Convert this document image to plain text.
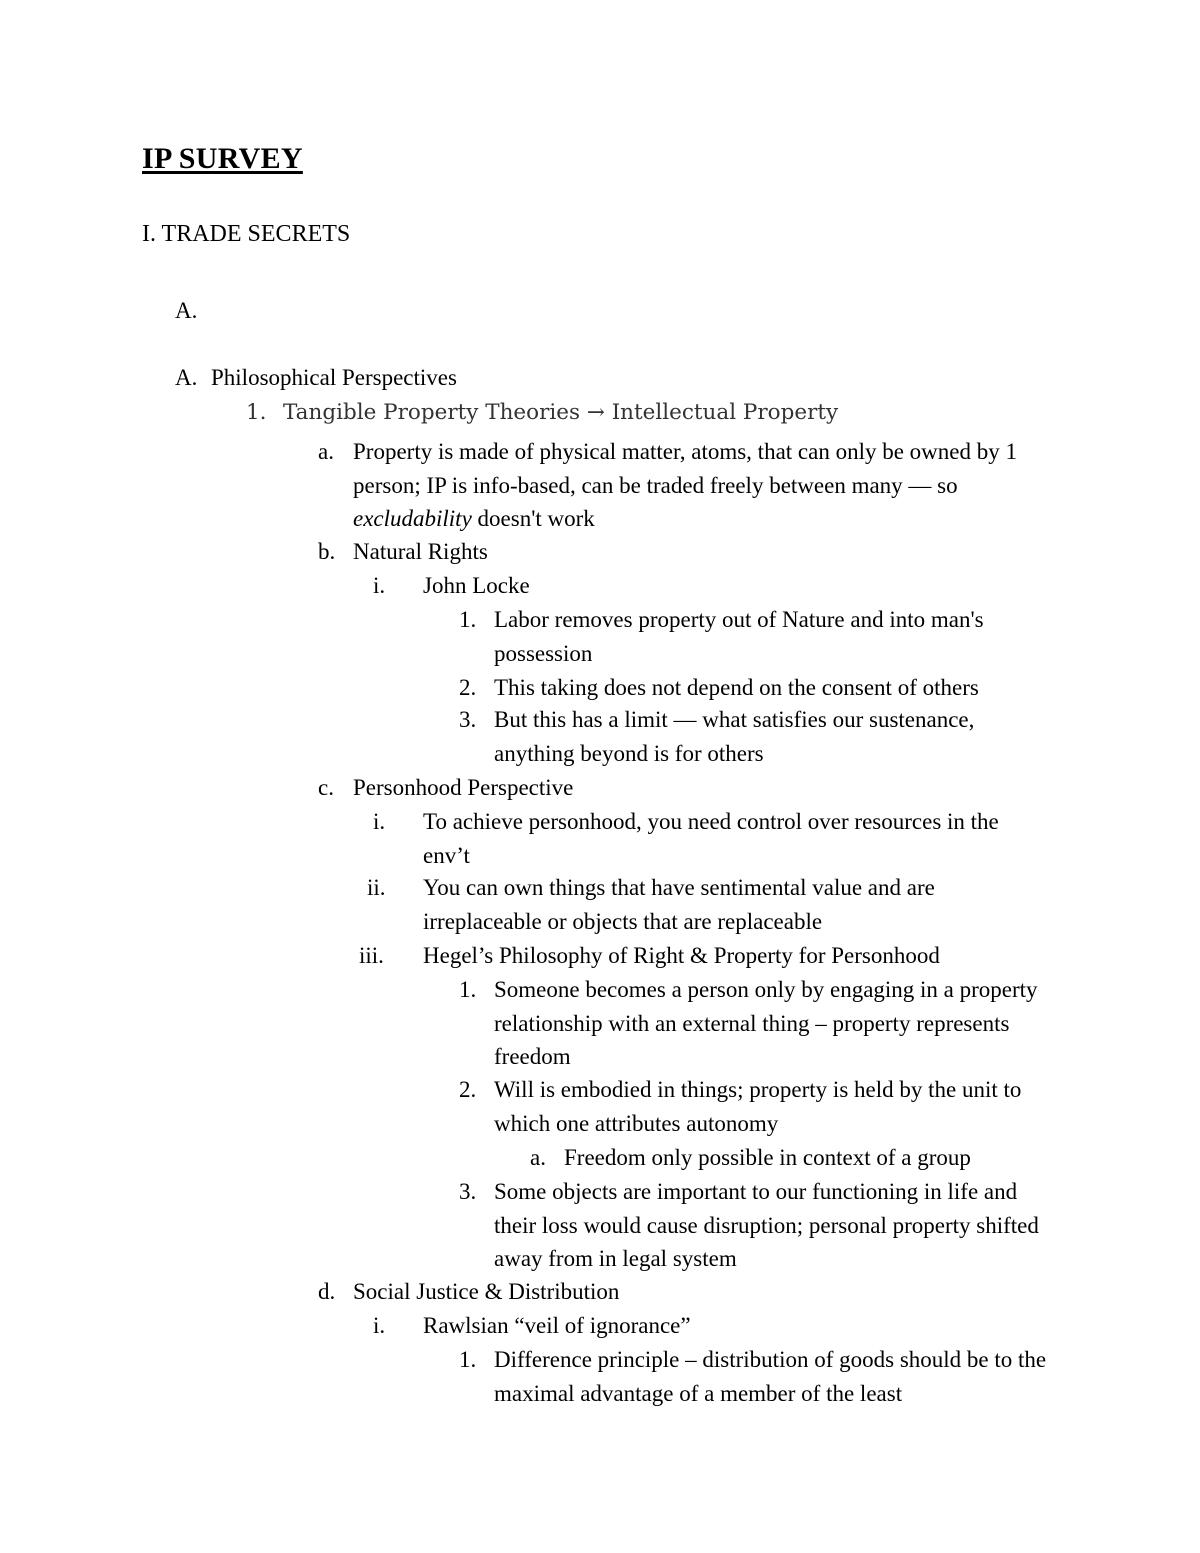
IP SURVEY
I. TRADE SECRETS
A.
A. Philosophical Perspectives
1. Tangible Property Theories → Intellectual Property
a. Property is made of physical matter, atoms, that can only be owned by 1 person; IP is info-based, can be traded freely between many — so excludability doesn't work
b. Natural Rights
i. John Locke
1. Labor removes property out of Nature and into man's possession
2. This taking does not depend on the consent of others
3. But this has a limit — what satisfies our sustenance, anything beyond is for others
c. Personhood Perspective
i. To achieve personhood, you need control over resources in the env’t
ii. You can own things that have sentimental value and are irreplaceable or objects that are replaceable
iii. Hegel’s Philosophy of Right & Property for Personhood
1. Someone becomes a person only by engaging in a property relationship with an external thing – property represents freedom
2. Will is embodied in things; property is held by the unit to which one attributes autonomy
a. Freedom only possible in context of a group
3. Some objects are important to our functioning in life and their loss would cause disruption; personal property shifted away from in legal system
d. Social Justice & Distribution
i. Rawlsian “veil of ignorance”
1. Difference principle – distribution of goods should be to the maximal advantage of a member of the least
